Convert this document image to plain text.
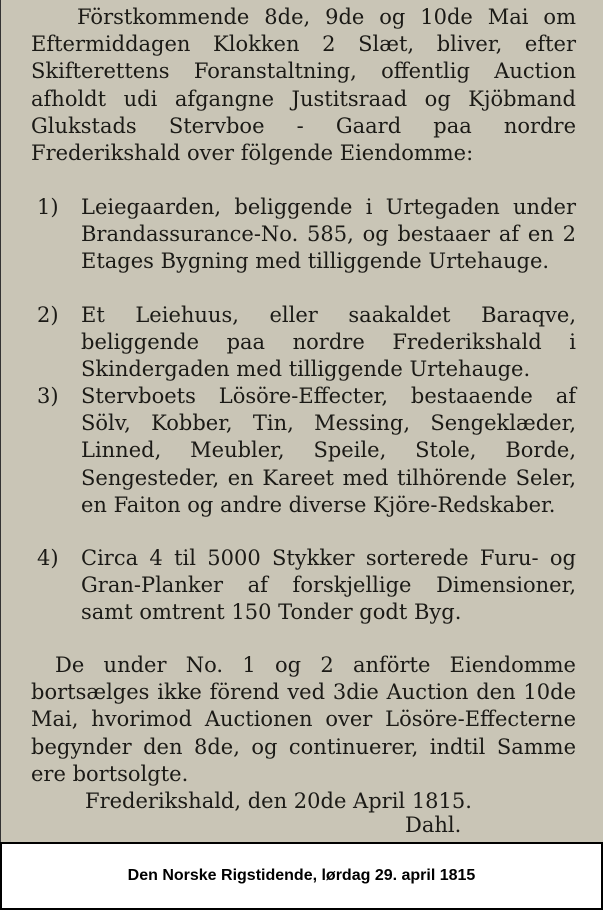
Förstkommende 8de, 9de og 10de Mai om Eftermiddagen Klokken 2 Slæt, bliver, efter Skifterettens Foranstaltning, offentlig Auction afholdt udi afgangne Justitsraad og Kjöbmand Glukstads Stervboe - Gaard paa nordre Frederikshald over fölgende Eiendomme:

1)	Leiegaarden, beliggende i Urtegaden under Brandassurance-No. 585, og bestaaer af en 2 Etages Bygning med tilliggende Urtehauge.

2)	Et Leiehuus, eller saakaldet Baraqve, beliggende paa nordre Frederikshald i Skindergaden med tilliggende Urtehauge.

3)	Stervboets Lösöre-Effecter, bestaaende af Sölv, Kobber, Tin, Messing, Sengeklæder, Linned, Meubler, Speile, Stole, Borde, Sengesteder, en Kareet med tilhörende Seler, en Faiton og andre diverse Kjöre-Redskaber.

4)	Circa 4 til 5000 Stykker sorterede Furu- og Gran-Planker af forskjellige Dimensioner, samt omtrent 150 Tonder godt Byg.

De under No. 1 og 2 anförte Eiendomme bortsælges ikke förend ved 3die Auction den 10de Mai, hvorimod Auctionen over Lösöre-Effecterne begynder den 8de, og continuerer, indtil Samme ere bortsolgte.

Frederikshald, den 20de April 1815.
Dahl.
Den Norske Rigstidende, lørdag 29. april 1815
